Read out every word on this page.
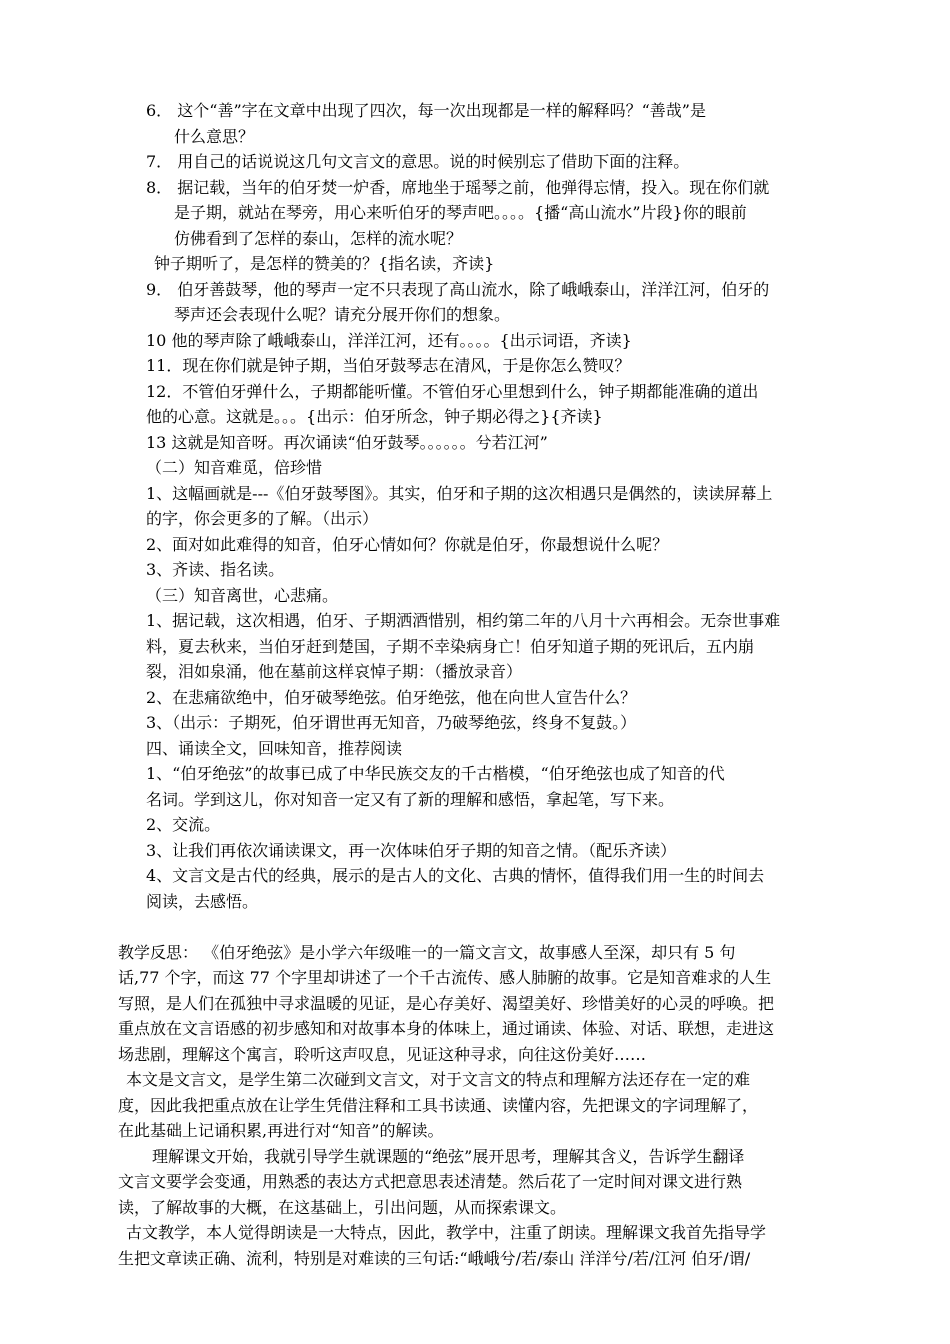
6． 这个“善”字在文章中出现了四次，每一次出现都是一样的解释吗？“善哉”是
什么意思？
7． 用自己的话说说这几句文言文的意思。说的时候别忘了借助下面的注释。
8． 据记载，当年的伯牙焚一炉香，席地坐于瑶琴之前，他弹得忘情，投入。现在你们就
是子期，就站在琴旁，用心来听伯牙的琴声吧。。。。{播“高山流水”片段}你的眼前
仿佛看到了怎样的泰山，怎样的流水呢？
钟子期听了，是怎样的赞美的？{指名读，齐读}
9． 伯牙善鼓琴，他的琴声一定不只表现了高山流水，除了峨峨泰山，洋洋江河，伯牙的
琴声还会表现什么呢？请充分展开你们的想象。
10 他的琴声除了峨峨泰山，洋洋江河，还有。。。。{出示词语，齐读}
11．现在你们就是钟子期，当伯牙鼓琴志在清风，于是你怎么赞叹？
12．不管伯牙弹什么，子期都能听懂。不管伯牙心里想到什么，钟子期都能准确的道出
他的心意。这就是。。。{出示：伯牙所念，钟子期必得之}{齐读}
13 这就是知音呀。再次诵读“伯牙鼓琴。。。。。。兮若江河”
（二）知音难觅，倍珍惜
1、这幅画就是---《伯牙鼓琴图》。其实，伯牙和子期的这次相遇只是偶然的，读读屏幕上
的字，你会更多的了解。（出示）
2、面对如此难得的知音，伯牙心情如何？你就是伯牙，你最想说什么呢？
3、齐读、指名读。
（三）知音离世，心悲痛。
1、据记载，这次相遇，伯牙、子期洒酒惜别，相约第二年的八月十六再相会。无奈世事难
料，夏去秋来，当伯牙赶到楚国，子期不幸染病身亡！伯牙知道子期的死讯后，五内崩
裂，泪如泉涌，他在墓前这样哀悼子期：（播放录音）
2、在悲痛欲绝中，伯牙破琴绝弦。伯牙绝弦，他在向世人宣告什么？
3、（出示：子期死，伯牙谓世再无知音，乃破琴绝弦，终身不复鼓。）
四、诵读全文，回味知音，推荐阅读
1、“伯牙绝弦”的故事已成了中华民族交友的千古楷模，“伯牙绝弦也成了知音的代
名词。学到这儿，你对知音一定又有了新的理解和感悟，拿起笔，写下来。
2、交流。
3、让我们再依次诵读课文，再一次体味伯牙子期的知音之情。（配乐齐读）
4、文言文是古代的经典，展示的是古人的文化、古典的情怀，值得我们用一生的时间去
阅读，去感悟。
教学反思： 《伯牙绝弦》是小学六年级唯一的一篇文言文，故事感人至深，却只有 5 句
话,77 个字，而这 77 个字里却讲述了一个千古流传、感人肺腑的故事。它是知音难求的人生
写照，是人们在孤独中寻求温暖的见证，是心存美好、渴望美好、珍惜美好的心灵的呼唤。把
重点放在文言语感的初步感知和对故事本身的体味上，通过诵读、体验、对话、联想，走进这
场悲剧，理解这个寓言，聆听这声叹息，见证这种寻求，向往这份美好……
本文是文言文，是学生第二次碰到文言文，对于文言文的特点和理解方法还存在一定的难
度，因此我把重点放在让学生凭借注释和工具书读通、读懂内容，先把课文的字词理解了，
在此基础上记诵积累,再进行对“知音”的解读。
理解课文开始，我就引导学生就课题的“绝弦”展开思考，理解其含义，告诉学生翻译
文言文要学会变通，用熟悉的表达方式把意思表述清楚。然后花了一定时间对课文进行熟
读，了解故事的大概，在这基础上，引出问题，从而探索课文。
古文教学，本人觉得朗读是一大特点，因此，教学中，注重了朗读。理解课文我首先指导学
生把文章读正确、流利，特别是对难读的三句话:“峨峨兮/若/泰山 洋洋兮/若/江河 伯牙/谓/
